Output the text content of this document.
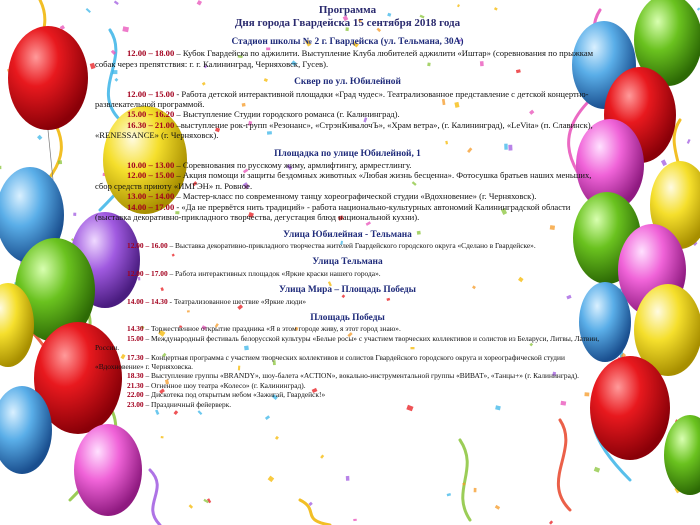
Программа
Дня города Гвардейска 15 сентября 2018 года
Стадион школы № 2 г. Гвардейска (ул. Тельмана, 30А)

12.00 – 18.00 – Кубок Гвардейска по аджилити. Выступление Клуба любителей аджилити «Иштар» (соревнования по прыжкам собак через препятствия: г. г. Калининград, Черняховск, Гусев).

Сквер по ул. Юбилейной

12.00 – 15.00 - Работа детской интерактивной площадки «Град чудес». Театрализованное представление с детской концертно-развлекательной программой.

15.00 – 16.20 – Выступление Студии городского романса (г. Калининград).

16.30 – 21.00 –выступление рок-групп «Резонанс», «СтрэнКивалочЪ», «Храм ветра», (г. Калининград), «LeVita» (п. Славинск), «RENESSANCE» (г. Черняховск).

Площадка по улице Юбилейной, 1

10.00 – 13.00 – Соревнования по русскому жиму, армлифтингу, армрестлингу.

12.00 – 15.00 – Акция помощи и защиты бездомных животных «Любая жизнь бесценна». Фотосушка братьев наших меньших, сбор средств приюту «ИМГЭН» п. Ровное.

13.00 – 14.00 – Мастер-класс по современному танцу хореографической студии «Вдохновение» (г. Черняховск).

14.00 – 17.00 - «Да не прервётся нить традиций» - работа национально-культурных автономий Калининградской области (выставка декоративно-прикладного творчества, дегустация блюд национальной кухни).

Улица Юбилейная - Тельмана

12.00 – 16.00 – Выставка декоративно-прикладного творчества жителей Гвардейского городского округа «Сделано в Гвардейске».

Улица Тельмана

12.00 – 17.00 – Работа интерактивных площадок «Яркие краски нашего города».

Улица Мира – Площадь Победы

14.00 – 14.30 - Театрализованное шествие «Яркие люди»

Площадь Победы

14.30 – Торжественное открытие праздника «Я в этом городе живу, я этот город знаю».

15.00 – Международный фестиваль белорусской культуры «Белые росы» с участием творческих коллективов и солистов из Беларуси, Литвы, Латвии, России.

17.30 – Концертная программа с участием творческих коллективов и солистов Гвардейского городского округа и хореографической студии «Вдохновение» г. Черняховска.

18.30 – Выступление группы «BRANDY», шоу-балета «ACTION», вокально-инструментальной группы «ВИВАТ», «Танцы+» (г. Калининград).

21.30 – Огненное шоу театра «Колесо» (г. Калининград).

22.00 – Дискотека под открытым небом «Зажигай, Гвардейск!»

23.00 – Праздничный фейерверк.
